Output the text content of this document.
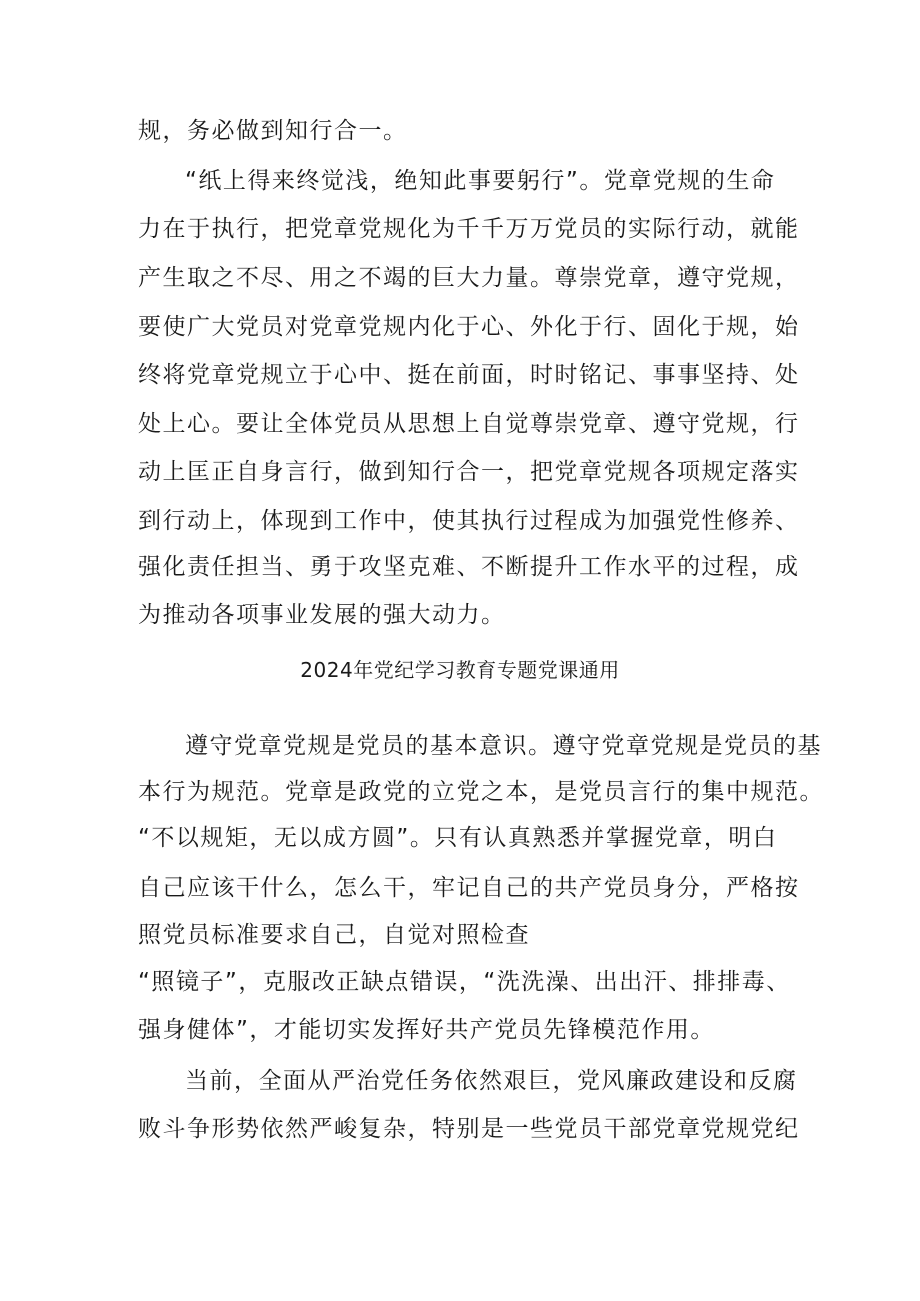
规，务必做到知行合一。
“纸上得来终觉浅，绝知此事要躬行”。党章党规的生命
力在于执行，把党章党规化为千千万万党员的实际行动，就能
产生取之不尽、用之不竭的巨大力量。尊崇党章，遵守党规，
要使广大党员对党章党规内化于心、外化于行、固化于规，始
终将党章党规立于心中、挺在前面，时时铭记、事事坚持、处
处上心。要让全体党员从思想上自觉尊崇党章、遵守党规，行
动上匡正自身言行，做到知行合一，把党章党规各项规定落实
到行动上，体现到工作中，使其执行过程成为加强党性修养、
强化责任担当、勇于攻坚克难、不断提升工作水平的过程，成
为推动各项事业发展的强大动力。
2024年党纪学习教育专题党课通用
遵守党章党规是党员的基本意识。遵守党章党规是党员的基
本行为规范。党章是政党的立党之本，是党员言行的集中规范。
“不以规矩，无以成方圆”。只有认真熟悉并掌握党章，明白
自己应该干什么，怎么干，牢记自己的共产党员身分，严格按
照党员标准要求自己，自觉对照检查
“照镜子”，克服改正缺点错误，“洗洗澡、出出汗、排排毒、
强身健体”，才能切实发挥好共产党员先锋模范作用。
当前，全面从严治党任务依然艰巨，党风廉政建设和反腐
败斗争形势依然严峻复杂，特别是一些党员干部党章党规党纪
